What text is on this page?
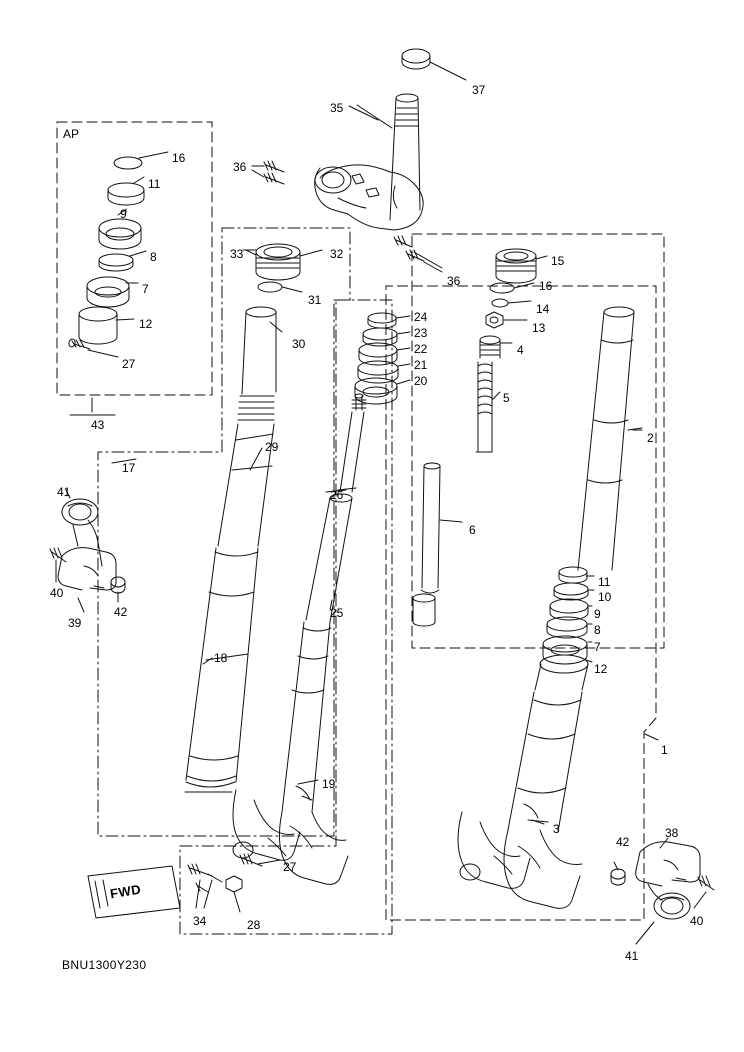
AP
37
35
36
36
16
11
9
8
7
12
27
43
33	32
31
30
29
17
41
40
39
42
18
24
23
22
21
20
26
25
19
27
34	28
15
16
14
13
4
5
6
2
11
10
9
8
7
12
1
3
42
38
40
41
FWD
BNU1300Y230
